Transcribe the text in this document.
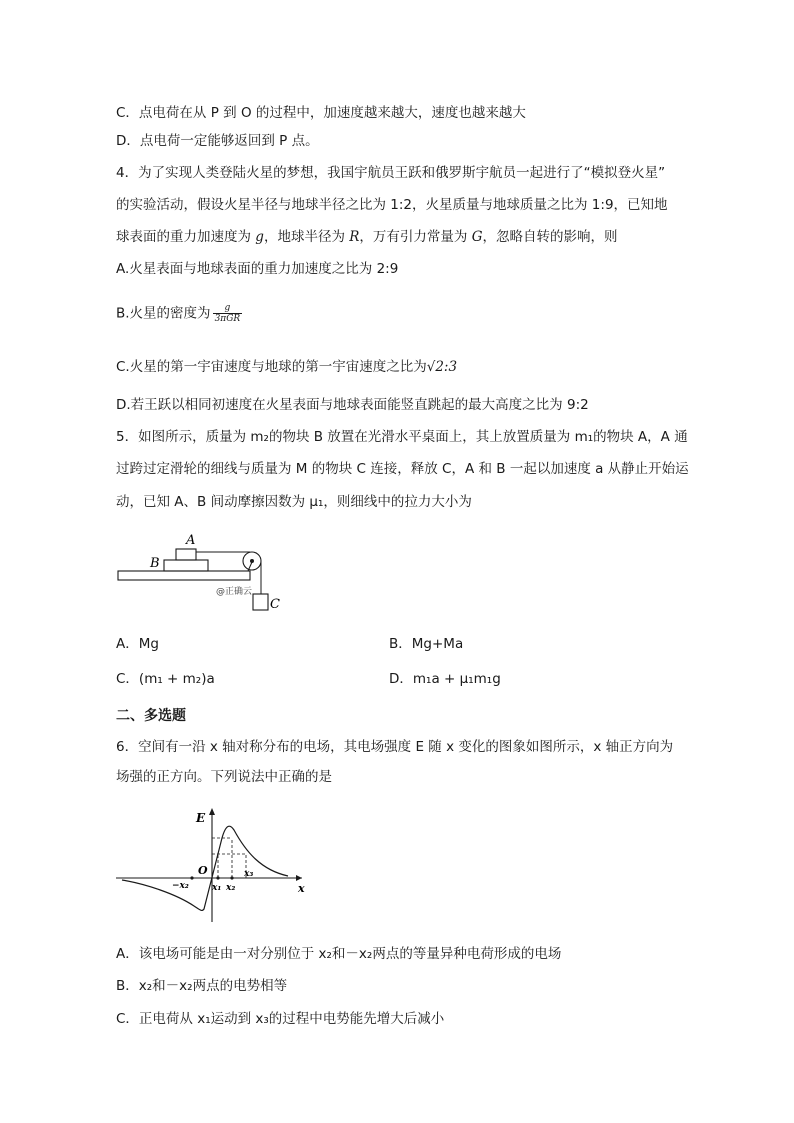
C．点电荷在从 P 到 O 的过程中，加速度越来越大，速度也越来越大
D．点电荷一定能够返回到 P 点。
4．为了实现人类登陆火星的梦想，我国宇航员王跃和俄罗斯宇航员一起进行了“模拟登火星”
的实验活动，假设火星半径与地球半径之比为 1:2，火星质量与地球质量之比为 1:9，已知地
球表面的重力加速度为 g，地球半径为 R，万有引力常量为 G，忽略自转的影响，则
A.火星表面与地球表面的重力加速度之比为 2:9
B.火星的密度为 $\frac{g}{\text{3πGR}}$
C.火星的第一宇宙速度与地球的第一宇宙速度之比为√2:3
D.若王跃以相同初速度在火星表面与地球表面能竖直跳起的最大高度之比为 9:2
5．如图所示，质量为 m₂的物块 B 放置在光滑水平桌面上，其上放置质量为 m₁的物块 A，A 通
过跨过定滑轮的细线与质量为 M 的物块 C 连接，释放 C，A 和 B 一起以加速度 a 从静止开始运
动，已知 A、B 间动摩擦因数为 μ₁，则细线中的拉力大小为
A
B
C
@正确云
A．Mg	B．Mg+Ma
C．(m₁ + m₂)a	D．m₁a + μ₁m₁g
二、多选题
6．空间有一沿 x 轴对称分布的电场，其电场强度 E 随 x 变化的图象如图所示，x 轴正方向为
场强的正方向。下列说法中正确的是
E
O
x
−x₂	x₁ x₂
x₃
A．该电场可能是由一对分别位于 x₂和－x₂两点的等量异种电荷形成的电场
B．x₂和－x₂两点的电势相等
C．正电荷从 x₁运动到 x₃的过程中电势能先增大后减小
